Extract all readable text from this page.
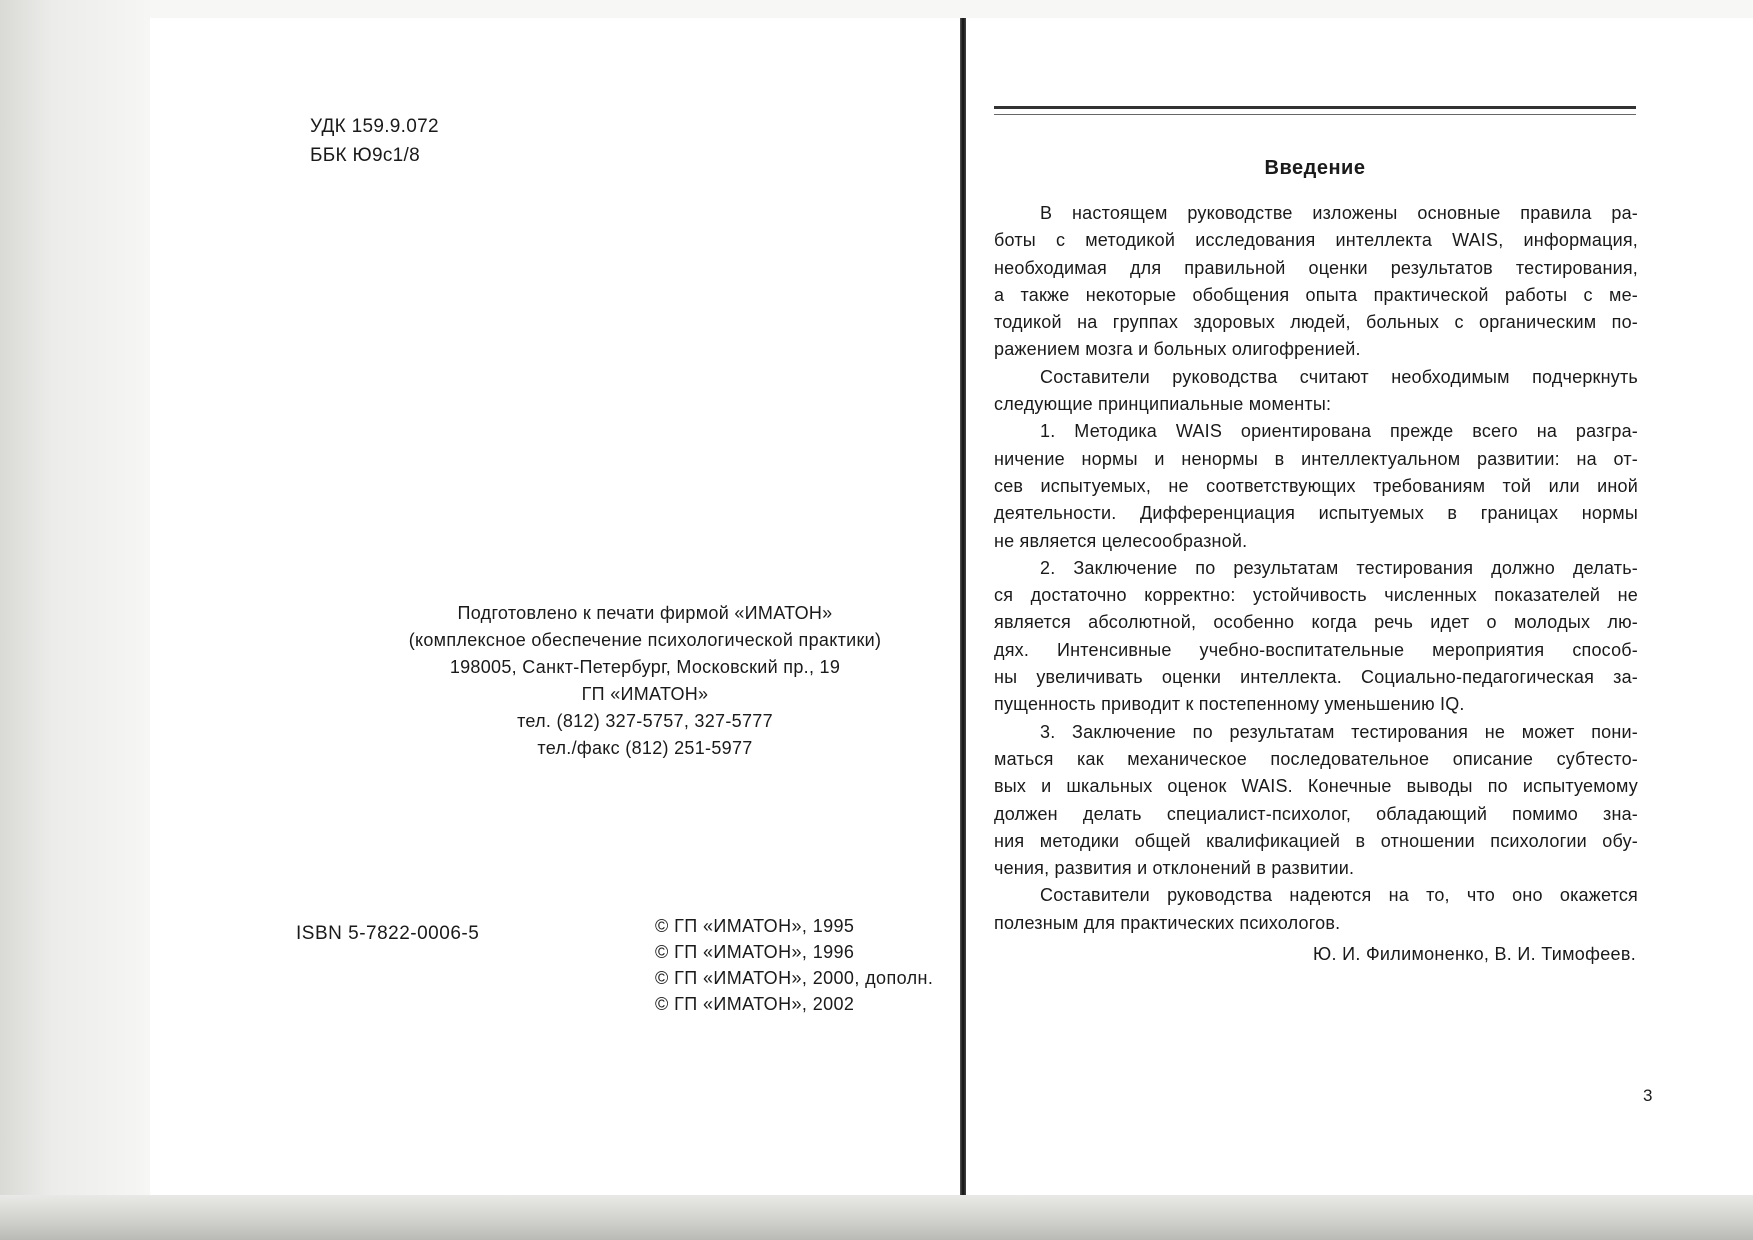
УДК 159.9.072
ББК Ю9с1/8
Подготовлено к печати фирмой «ИМАТОН»
(комплексное обеспечение психологической практики)
198005, Санкт-Петербург, Московский пр., 19
ГП «ИМАТОН»
тел. (812) 327-5757, 327-5777
тел./факс (812) 251-5977
ISBN 5-7822-0006-5	© ГП «ИМАТОН», 1995
© ГП «ИМАТОН», 1996
© ГП «ИМАТОН», 2000, дополн.
© ГП «ИМАТОН», 2002
Введение
В настоящем руководстве изложены основные правила ра-
боты с методикой исследования интеллекта WAIS, информация,
необходимая для правильной оценки результатов тестирования,
а также некоторые обобщения опыта практической работы с ме-
тодикой на группах здоровых людей, больных с органическим по-
ражением мозга и больных олигофренией.
Составители руководства считают необходимым подчеркнуть
следующие принципиальные моменты:
1. Методика WAIS ориентирована прежде всего на разгра-
ничение нормы и ненормы в интеллектуальном развитии: на от-
сев испытуемых, не соответствующих требованиям той или иной
деятельности. Дифференциация испытуемых в границах нормы
не является целесообразной.
2. Заключение по результатам тестирования должно делать-
ся достаточно корректно: устойчивость численных показателей не
является абсолютной, особенно когда речь идет о молодых лю-
дях. Интенсивные учебно-воспитательные мероприятия способ-
ны увеличивать оценки интеллекта. Социально-педагогическая за-
пущенность приводит к постепенному уменьшению IQ.
3. Заключение по результатам тестирования не может пони-
маться как механическое последовательное описание субтесто-
вых и шкальных оценок WAIS. Конечные выводы по испытуемому
должен делать специалист-психолог, обладающий помимо зна-
ния методики общей квалификацией в отношении психологии обу-
чения, развития и отклонений в развитии.
Составители руководства надеются на то, что оно окажется
полезным для практических психологов.
Ю. И. Филимоненко, В. И. Тимофеев.
3
